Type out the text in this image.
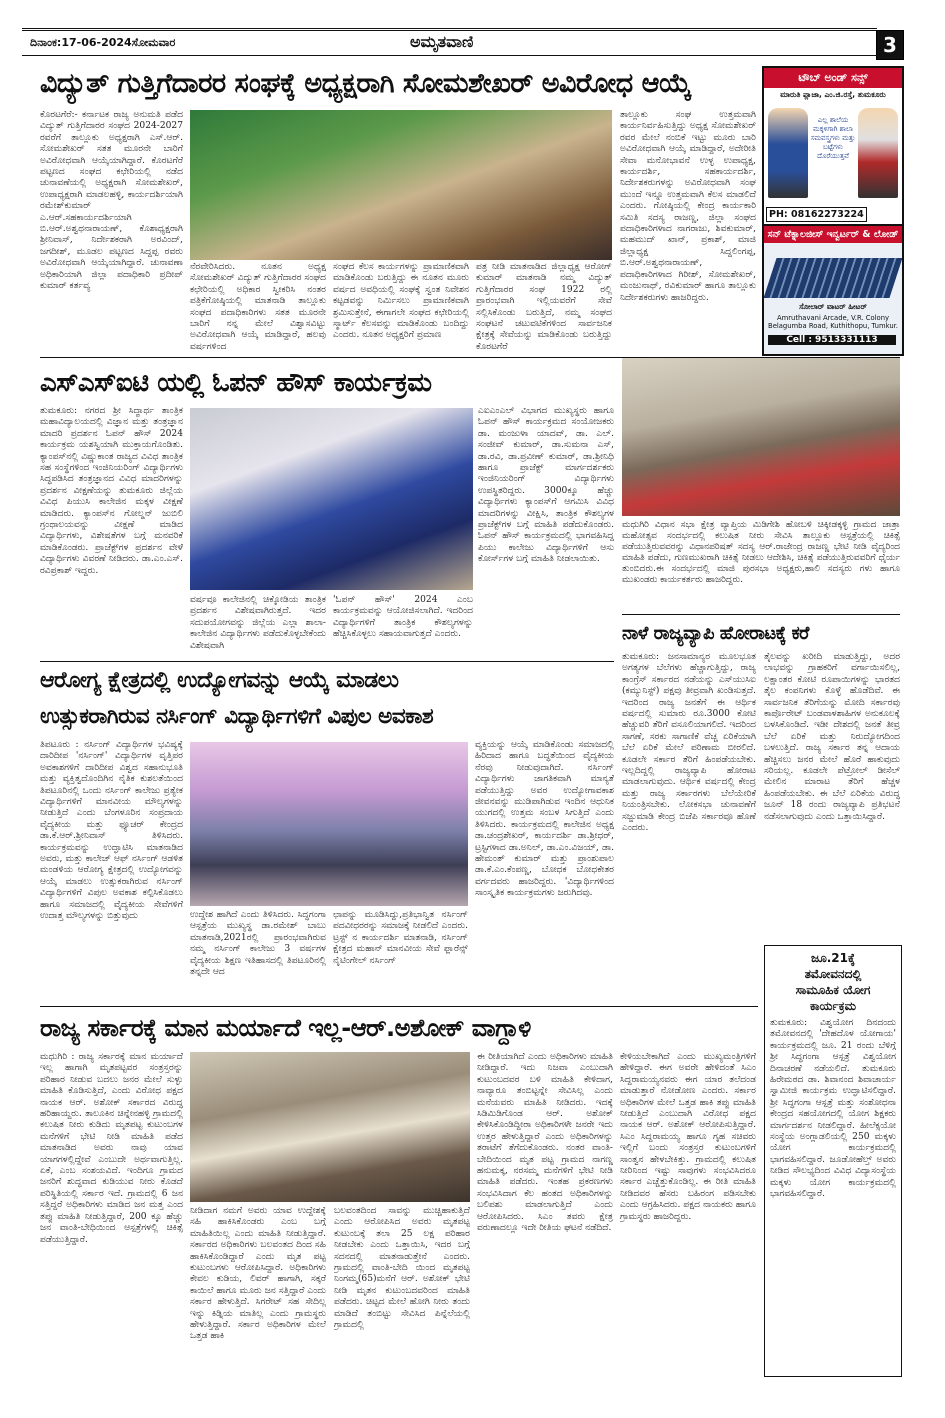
ದಿನಾಂಕ:17-06-2024ಸೋಮವಾರ	ಅಮೃತವಾಣಿ	3
ವಿದ್ಯುತ್ ಗುತ್ತಿಗೆದಾರರ ಸಂಘಕ್ಕೆ ಅಧ್ಯಕ್ಷರಾಗಿ ಸೋಮಶೇಖರ್ ಅವಿರೋಧ ಆಯ್ಕೆ
ಕೊರಟಗೆರೆ:- ಕರ್ನಾಟಕ ರಾಜ್ಯ ಅನುಮತಿ ಪಡೆದ ವಿದ್ಯುತ್ ಗುತ್ತಿಗೆದಾರರ ಸಂಘದ 2024-2027 ರವರೆಗೆ ತಾಲ್ಲೂಕು ಅಧ್ಯಕ್ಷರಾಗಿ ಎಸ್.ಆರ್. ಸೋಮಶೇಖರ್ ಸತತ ಮೂರನೇ ಬಾರಿಗೆ ಅವಿರೋಧವಾಗಿ ಆಯ್ಕೆಯಾಗಿದ್ದಾರೆ. ಕೊರಟಗೆರೆ ಪಟ್ಟಣದ ಸಂಘದ ಕಛೇರಿಯಲ್ಲಿ ನಡೆದ ಚುನಾವಣೆಯಲ್ಲಿ ಅಧ್ಯಕ್ಷರಾಗಿ ಸೋಮಶೇಖರ್, ಉಪಾಧ್ಯಕ್ಷರಾಗಿ ಮಾಡಲಹಳ್ಳಿ, ಕಾರ್ಯದರ್ಶಿಯಾಗಿ ರಮೇಶ್‌ಕುಮಾರ್ ಎ.ಆರ್.ಸಹಕಾರ್ಯದರ್ಶಿಯಾಗಿ ಬಿ.ಆರ್.ಅಶ್ವಥನಾರಾಯಣ್, ಕೊಶಾಧ್ಯಕ್ಷರಾಗಿ ಶ್ರೀನಿವಾಸ್, ನಿರ್ದೇಶಕರಾಗಿ ಅರವಿಂದ್, ಜಗದೀಶ್, ಮೂಡಲ ಪಟ್ಟಣದ ಸಿದ್ದಪ್ಪ ರವರು ಅವಿರೋಧವಾಗಿ ಆಯ್ಕೆಯಾಗಿದ್ದಾರೆ. ಚುನಾವಣಾ ಅಧಿಕಾರಿಯಾಗಿ ಜಿಲ್ಲಾ ಪದಾಧಿಕಾರಿ ಪ್ರದೀಪ್ ಕುಮಾರ್ ಕರ್ತವ್ಯ
ನೆರವೇರಿಸಿದರು. ನೂತನ ಅಧ್ಯಕ್ಷ ಸೋಮಶೇಖರ್ ವಿದ್ಯುತ್ ಗುತ್ತಿಗೆದಾರರ ಸಂಘದ ಕಛೇರಿಯಲ್ಲಿ ಅಧಿಕಾರ ಸ್ವೀಕರಿಸಿ ನಂತರ ಪತ್ರಿಕೆಗೋಷ್ಠಿಯಲ್ಲಿ ಮಾತನಾಡಿ ತಾಲ್ಲೂಕು ಸಂಘದ ಪದಾಧಿಕಾರಿಗಳು ಸತತ ಮೂರನೇ ಬಾರಿಗೆ ನನ್ನ ಮೇಲೆ ವಿಶ್ವಾಸವಿಟ್ಟು ಅವಿರೋಧವಾಗಿ ಆಯ್ಕೆ ಮಾಡಿದ್ದಾರೆ, ಹಲವು ವರ್ಷಗಳಿಂದ
ಸಂಘದ ಕೆಲಸ ಕಾರ್ಯಗಳನ್ನು ಪ್ರಾಮಾಣಿಕವಾಗಿ ಮಾಡಿಕೊಂಡು ಬರುತ್ತಿದ್ದು ಈ ನೂತನ ಮೂರು ವರ್ಷದ ಅವಧಿಯಲ್ಲಿ ಸಂಘಕ್ಕೆ ಸ್ವಂತ ನಿವೇಶನ ಕಟ್ಟಡವನ್ನು ನಿರ್ಮಿಸಲು ಪ್ರಾಮಾಣಿಕವಾಗಿ ಶ್ರಮಿಸುತ್ತೇನೆ, ಈಗಾಗಲೇ ಸಂಘದ ಕಛೇರಿಯಲ್ಲಿ ಸ್ಮಾರ್ಟ್ ಕೆಲಸವನ್ನು ಮಾಡಿಕೊಂಡು ಬಂದಿದ್ದು ಎಂದರು. ನೂತನ ಅಧ್ಯಕ್ಷರಿಗೆ ಪ್ರಮಾಣ
ಪತ್ರ ನೀಡಿ ಮಾತನಾಡಿದ ಜಿಲ್ಲಾಧ್ಯಕ್ಷ ಆರೋಗ್ ಕುಮಾರ್ ಮಾತನಾಡಿ ನಮ್ಮ ವಿದ್ಯುತ್ ಗುತ್ತಿಗೆದಾರರ ಸಂಘ 1922 ರಲ್ಲಿ ಪ್ರಾರಂಭವಾಗಿ ಇಲ್ಲಿಯವರೆಗೆ ಸೇವೆ ಸಲ್ಲಿಸಿಕೊಂಡು ಬರುತ್ತಿದೆ, ನಮ್ಮ ಸಂಘದ ಸಂಘಟನೆ ಚಟುವಟಿಕೆಗಳಿಂದ ಸಾರ್ವಜನಿಕ ಕ್ಷೇತ್ರಕ್ಕೆ ಸೇವೆಯನ್ನು ಮಾಡಿಕೊಂಡು ಬರುತ್ತಿದ್ದು ಕೊರಟಗೆರೆ
ತಾಲ್ಲೂಕು ಸಂಘ ಉತ್ತಮವಾಗಿ ಕಾರ್ಯನಿರ್ವಹಿಸುತ್ತಿದ್ದು ಅಧ್ಯಕ್ಷ ಸೋಮಶೇಖರ್ ರವರ ಮೇಲೆ ನಂಬಿಕೆ ಇಟ್ಟು ಮೂರು ಬಾರಿ ಅವಿರೋಧವಾಗಿ ಆಯ್ಕೆ ಮಾಡಿದ್ದಾರೆ, ಅದೇರೀತಿ ಸೇವಾ ಮನೋಭಾವನೆ ಉಳ್ಳ ಉಪಾಧ್ಯಕ್ಷ, ಕಾರ್ಯದರ್ಶಿ, ಸಹಕಾರ್ಯದರ್ಶಿ, ನಿರ್ದೇಶಕರುಗಳನ್ನು ಅವಿರೋಧವಾಗಿ ಸಂಘ ಮುಂದೆ ಇನ್ನೂ ಉತ್ತಮವಾಗಿ ಕೆಲಸ ಮಾಡಲಿದೆ ಎಂದರು. ಗೋಷ್ಠಿಯಲ್ಲಿ ಕೇಂದ್ರ ಕಾರ್ಯಕಾರಿ ಸಮಿತಿ ಸದಸ್ಯ ರಾಜಣ್ಣ, ಜಿಲ್ಲಾ ಸಂಘದ ಪದಾಧಿಕಾರಿಗಳಾದ ನಾಗರಾಜು, ಶಿವಕುಮಾರ್, ಮಹಮುದ್ ಖಾನ್, ಪ್ರಕಾಶ್, ಮಾಜಿ ಜಿಲ್ಲಾಧ್ಯಕ್ಷ ಸಿದ್ದಲಿಂಗಪ್ಪ, ಬಿ.ಆರ್.ಅಶ್ವಥನಾರಾಯಣ್, ಪದಾಧಿಕಾರಿಗಳಾದ ಗಿರೀಶ್, ಸೋಮಶೇಖರ್, ಮಂಜುನಾಥ್, ರವಿಕುಮಾರ್ ಹಾಗೂ ತಾಲ್ಲೂಕು ನಿರ್ದೇಶಕರುಗಳು ಹಾಜರಿದ್ದರು.
ಟೌಬ್ ಅಂಡ್ ಸನ್ಸ್
ಮಾರುತಿ ಪ್ಲಾಜಾ, ಎಂ.ಜಿ.ರಸ್ತೆ, ತುಮಕೂರು
ಎಲ್ಲ ಶಾಲೆಯ ಮಕ್ಕಳಿಗಾಗಿ ಶಾಲಾ ಸಮವಸ್ತ್ರಗಳು ಮತ್ತು ಬಟ್ಟೆಗಳು ದೊರೆಯುತ್ತವೆ
PH: 08162273224
ಸನ್ ಟೆಕ್ನಾಲಜೀಸ್ ಇನ್ವರ್ಟರ್ & ಲೋಡ್
ಸೋಲಾರ್ ವಾಟರ್ ಹೀಟರ್
Amruthavani Arcade, V.R. Colony Belagumba Road, Kuthithopu, Tumkur.
Cell : 9513331113
ಎಸ್‌ಎಸ್‌ಐಟಿ ಯಲ್ಲಿ ಓಪನ್ ಹೌಸ್ ಕಾರ್ಯಕ್ರಮ
ತುಮಕೂರು: ನಗರದ ಶ್ರೀ ಸಿದ್ಧಾರ್ಥ ತಾಂತ್ರಿಕ ಮಹಾವಿದ್ಯಾಲಯದಲ್ಲಿ ವಿಜ್ಞಾನ ಮತ್ತು ತಂತ್ರಜ್ಞಾನ ಮಾದರಿ ಪ್ರದರ್ಶನ ಓಪನ್ ಹೌಸ್ 2024 ಕಾರ್ಯಕ್ರಮ ಯಶಸ್ವಿಯಾಗಿ ಮುಕ್ತಾಯಗೊಂಡಿತು. ಕ್ಯಾಂಪಸ್‌ನಲ್ಲಿ ವಿಷ್ಣುಕಾಂತ ರಾಜ್ಯದ ವಿವಿಧ ತಾಂತ್ರಿಕ ಸಹ ಸಂಸ್ಥೆಗಳಿಂದ ಇಂಜಿನಿಯರಿಂಗ್ ವಿದ್ಯಾರ್ಥಿಗಳು ಸಿದ್ಧಪಡಿಸಿದ ತಂತ್ರಜ್ಞಾನದ ವಿವಿಧ ಮಾದರಿಗಳನ್ನು ಪ್ರದರ್ಶನ ವೀಕ್ಷಣೆಯನ್ನು ತುಮಕೂರು ಜಿಲ್ಲೆಯ ವಿವಿಧ ಪಿಯುಸಿ ಕಾಲೇಜಿನ ಮಕ್ಕಳ ವೀಕ್ಷಣೆ ಮಾಡಿದರು. ಕ್ಯಾಂಪಸ್‌ನ ಗೋಲ್ಡನ್ ಜುಬಿಲಿ ಗ್ರಂಥಾಲಯವನ್ನು ವೀಕ್ಷಣೆ ಮಾಡಿದ ವಿದ್ಯಾರ್ಥಿಗಳು, ವಿಶೇಷತೆಗಳ ಬಗ್ಗೆ ಮನವರಿಕೆ ಮಾಡಿಕೊಂಡರು. ಪ್ರಾಜೆಕ್ಟ್‌ಗಳ ಪ್ರದರ್ಶನ ವೇಳೆ ವಿದ್ಯಾರ್ಥಿಗಳು ವಿವರಣೆ ನೀಡಿದರು. ಡಾ.ಎಂ.ಎಸ್. ರವಿಪ್ರಕಾಶ್ ಇದ್ದರು.
ವರ್ಷವೂ ಕಾಲೇಜಿನಲ್ಲಿ ಚಿಕ್ಕೋಡಿಯ ತಾಂತ್ರಿಕ ಪ್ರದರ್ಶನ ವಿಶೇಷವಾಗಿರುತ್ತದೆ. ಇದರ ಸದುಪಯೋಗವನ್ನು ಜಿಲ್ಲೆಯ ಎಲ್ಲಾ ಶಾಲಾ-ಕಾಲೇಜಿನ ವಿದ್ಯಾರ್ಥಿಗಳು ಪಡೆದುಕೊಳ್ಳಬೇಕೆಂದು ವಿಶೇಷವಾಗಿ
'ಓಪನ್ ಹೌಸ್' 2024 ಎಂಬ ಕಾರ್ಯಕ್ರಮವನ್ನು ಆಯೋಜಿಸಲಾಗಿದೆ. ಇದರಿಂದ ವಿದ್ಯಾರ್ಥಿಗಳಿಗೆ ತಾಂತ್ರಿಕ ಕೌಶಲ್ಯಗಳನ್ನು ಹೆಚ್ಚಿಸಿಕೊಳ್ಳಲು ಸಹಾಯವಾಗುತ್ತದೆ ಎಂದರು.
ಎಐಎಂಎಲ್ ವಿಭಾಗದ ಮುಖ್ಯಸ್ಥರು ಹಾಗೂ ಓಪನ್ ಹೌಸ್ ಕಾರ್ಯಕ್ರಮದ ಸಂಯೋಜಕರು ಡಾ. ಮಂಜುಳಾ ಯಾದವ್, ಡಾ. ಎಲ್. ಸಂಜೀವ್ ಕುಮಾರ್, ಡಾ.ಸುಮನಾ ಎಸ್, ಡಾ.ರವಿ, ಡಾ.ಪ್ರವೀಣ್ ಕುಮಾರ್, ಡಾ.ಶ್ರೀನಿಧಿ ಹಾಗೂ ಪ್ರಾಜೆಕ್ಟ್ ಮಾರ್ಗದರ್ಶಕರು ಇಂಜಿನಿಯರಿಂಗ್ ವಿದ್ಯಾರ್ಥಿಗಳು ಉಪಸ್ಥಿತರಿದ್ದರು. 3000ಕ್ಕೂ ಹೆಚ್ಚು ವಿದ್ಯಾರ್ಥಿಗಳು ಕ್ಯಾಂಪಸ್‌ಗೆ ಆಗಮಿಸಿ ವಿವಿಧ ಮಾದರಿಗಳನ್ನು ವೀಕ್ಷಿಸಿ, ತಾಂತ್ರಿಕ ಕೌಶಲ್ಯಗಳ ಪ್ರಾಜೆಕ್ಟ್‌ಗಳ ಬಗ್ಗೆ ಮಾಹಿತಿ ಪಡೆದುಕೊಂಡರು. ಓಪನ್ ಹೌಸ್ ಕಾರ್ಯಕ್ರಮದಲ್ಲಿ ಭಾಗವಹಿಸಿದ್ದ ಪಿಯು ಕಾಲೇಜು ವಿದ್ಯಾರ್ಥಿಗಳಿಗೆ ಆಸು ಕೋರ್ಸ್‌ಗಳ ಬಗ್ಗೆ ಮಾಹಿತಿ ನೀಡಲಾಯಿತು.
ಮಧುಗಿರಿ ವಿಧಾನ ಸಭಾ ಕ್ಷೇತ್ರ ವ್ಯಾಪ್ತಿಯ ಮಿಡಿಗೇಶಿ ಹೋಬಳಿ ಚಿಕ್ಕೀಡಕ್ಕಳ್ಳಿ ಗ್ರಾಮದ ಜಾತ್ರಾ ಮಹೋತ್ಸವ ಸಂದರ್ಭದಲ್ಲಿ ಕಲುಷಿತ ನೀರು ಸೇವಿಸಿ ತಾಲ್ಲೂಕು ಆಸ್ಪತ್ರೆಯಲ್ಲಿ ಚಿಕಿತ್ಸೆ ಪಡೆಯುತ್ತಿರುವವರನ್ನು ವಿಧಾನಪರಿಷತ್ ಸದಸ್ಯ ಆರ್.ರಾಜೇಂದ್ರ ರಾಜಣ್ಣ ಭೇಟಿ ನೀಡಿ ವೈದ್ಯರಿಂದ ಮಾಹಿತಿ ಪಡೆದು, ಗುಣಮುಖರಾಗಿ ಚಿಕಿತ್ಸೆ ನೀಡಲು ಆದೇಶಿಸಿ, ಚಿಕಿತ್ಸೆ ಪಡೆಯುತ್ತಿರುವವರಿಗೆ ಧೈರ್ಯ ತುಂಬಿದರು.ಈ ಸಂದರ್ಭದಲ್ಲಿ ಮಾಜಿ ಪುರಸಭಾ ಅಧ್ಯಕ್ಷರು,ಹಾಲಿ ಸದಸ್ಯರು ಗಳು ಹಾಗೂ ಮುಖಂಡರು ಕಾರ್ಯಕರ್ತರು ಹಾಜರಿದ್ದರು.
ನಾಳೆ ರಾಜ್ಯವ್ಯಾಪಿ ಹೋರಾಟಕ್ಕೆ ಕರೆ
ತುಮಕೂರು: ಜನಸಾಮಾನ್ಯರ ಮೂಲಭೂತ ಅಗತ್ಯಗಳ ಬೆಲೆಗಳು ಹೆಚ್ಚಾಗುತ್ತಿದ್ದು, ರಾಜ್ಯ ಕಾಂಗ್ರೆಸ್ ಸರ್ಕಾರದ ನಡೆಯನ್ನು ಎಸ್‌ಯುಸಿಐ (ಕಮ್ಯುನಿಸ್ಟ್) ಪಕ್ಷವು ತೀವ್ರವಾಗಿ ಖಂಡಿಸುತ್ತದೆ. ಇದರಿಂದ ರಾಜ್ಯ ಜನತೆಗೆ ಈ ಆರ್ಥಿಕ ವರ್ಷದಲ್ಲಿ ಸುಮಾರು ರೂ.3000 ಕೋಟಿ ಹೆಚ್ಚುವರಿ ತೆರಿಗೆ ವಸೂಲಿಯಾಗಲಿದೆ. ಇದರಿಂದ ಸಾಗಣೆ, ಸರಕು ಸಾಗಾಣಿಕೆ ವೆಚ್ಚ ಏರಿಕೆಯಾಗಿ ಬೆಲೆ ಏರಿಕೆ ಮೇಲೆ ಪರಿಣಾಮ ಬೀರಲಿದೆ. ಕೂಡಲೇ ಸರ್ಕಾರ ತೆರಿಗೆ ಹಿಂಪಡೆಯಬೇಕು. ಇಲ್ಲದಿದ್ದಲ್ಲಿ ರಾಜ್ಯವ್ಯಾಪಿ ಹೋರಾಟ ಮಾಡಲಾಗುವುದು. ಆರ್ಥಿಕ ವರ್ಷದಲ್ಲಿ ಕೇಂದ್ರ ಮತ್ತು ರಾಜ್ಯ ಸರ್ಕಾರಗಳು ಬೆಲೆಯೇರಿಕೆ ನಿಯಂತ್ರಿಸಬೇಕು. ಲೋಕಸಭಾ ಚುನಾವಣೆಗೆ ಸಜ್ಜುಮಾಡಿ ಕೇಂದ್ರ ಬಿಜೆಪಿ ಸರ್ಕಾರವೂ ಹೊಣೆ ಎಂದರು.
ತೈಲವನ್ನು ಖರೀದಿ ಮಾಡುತ್ತಿದ್ದು, ಅದರ ಲಾಭವನ್ನು ಗ್ರಾಹಕರಿಗೆ ವರ್ಗಾಯಿಸಲಿಲ್ಲ, ಲಕ್ಷಾಂತರ ಕೋಟಿ ರೂಪಾಯಿಗಳನ್ನು ಭಾರತದ ತೈಲ ಕಂಪನಿಗಳು ಕೊಳ್ಳೆ ಹೊಡೆದಿವೆ. ಈ ಸಾರ್ವಜನಿಕ ತೆರಿಗೆಯನ್ನು ಮೋದಿ ಸರ್ಕಾರವು ಕಾರ್ಪೊರೇಟ್ ಬಂಡವಾಳಶಾಹಿಗಳ ಅನುಕೂಲಕ್ಕೆ ಬಳಸಿಕೊಂಡಿದೆ. ಇಡೀ ದೇಶದಲ್ಲಿ ಜನತೆ ತೀವ್ರ ಬೆಲೆ ಏರಿಕೆ ಮತ್ತು ನಿರುದ್ಯೋಗದಿಂದ ಬಳಲುತ್ತಿದೆ. ರಾಜ್ಯ ಸರ್ಕಾರ ತನ್ನ ಆದಾಯ ಹೆಚ್ಚಿಸಲು ಜನರ ಮೇಲೆ ಹೊರೆ ಹಾಕುವುದು ಸರಿಯಲ್ಲ. ಕೂಡಲೇ ಪೆಟ್ರೋಲ್ ಡೀಸೆಲ್ ಮೇಲಿನ ಮಾರಾಟ ತೆರಿಗೆ ಹೆಚ್ಚಳ ಹಿಂಪಡೆಯಬೇಕು. ಈ ಬೆಲೆ ಏರಿಕೆಯ ವಿರುದ್ಧ ಜೂನ್ 18 ರಂದು ರಾಜ್ಯವ್ಯಾಪಿ ಪ್ರತಿಭಟನೆ ನಡೆಸಲಾಗುವುದು ಎಂದು ಒತ್ತಾಯಿಸಿದ್ದಾರೆ.
ಆರೋಗ್ಯ ಕ್ಷೇತ್ರದಲ್ಲಿ ಉದ್ಯೋಗವನ್ನು ಆಯ್ಕೆ ಮಾಡಲು
ಉತ್ಸುಕರಾಗಿರುವ ನರ್ಸಿಂಗ್ ವಿದ್ಯಾರ್ಥಿಗಳಿಗೆ ವಿಪುಲ ಅವಕಾಶ
ತಿಪಟೂರು : ನರ್ಸಿಂಗ್ ವಿದ್ಯಾರ್ಥಿಗಳ ಭವಿಷ್ಯಕ್ಕೆ ದಾರಿದೀಪ 'ನರ್ಸಿಂಗ್' ವಿದ್ಯಾರ್ಥಿಗಳ ವೃತ್ತಿಪರ ಅವಕಾಶಗಳಿಗೆ ದಾರಿದೀಪ ವಿಶ್ವದ ಸಹಾನುಭೂತಿ ಮತ್ತು ವ್ಯಕ್ತಿತ್ವದೊಂದಿಗಿನ ನೈತಿಕ ಕುಶಲತೆಯಿಂದ ತಿಪಟೂರಿನಲ್ಲಿ ಒಂದು ನರ್ಸಿಂಗ್ ಕಾಲೇಜು ಪ್ರತ್ಯೇಕ ವಿದ್ಯಾರ್ಥಿಗಳಿಗೆ ಮಾನವೀಯ ಮೌಲ್ಯಗಳನ್ನು ನೀಡುತ್ತಿದೆ ಎಂದು ಬೆಂಗಳೂರಿನ ಸಂಪ್ರದಾಯ ವೈದ್ಯಕೀಯ ಮತ್ತು ಫ್ಯೂಚರ್ ಕೇಂದ್ರದ ಡಾ.ಕೆ.ಆರ್.ಶ್ರೀನಿವಾಸ್ ತಿಳಿಸಿದರು. ಕಾರ್ಯಕ್ರಮವನ್ನು ಉದ್ಘಾಟಿಸಿ ಮಾತನಾಡಿದ ಅವರು, ಮತ್ತು ಕಾಲೇಜ್ ಆಫ್ ನರ್ಸಿಂಗ್ ಆಡಳಿತ ಮಂಡಳಿಯ ಆರೋಗ್ಯ ಕ್ಷೇತ್ರದಲ್ಲಿ ಉದ್ಯೋಗವನ್ನು ಆಯ್ಕೆ ಮಾಡಲು ಉತ್ಸುಕರಾಗಿರುವ ನರ್ಸಿಂಗ್ ವಿದ್ಯಾರ್ಥಿಗಳಿಗೆ ವಿಪುಲ ಅವಕಾಶ ಕಲ್ಪಿಸಿಕೊಡಲು ಹಾಗೂ ಸಮಾಜದಲ್ಲಿ ವೈದ್ಯಕೀಯ ಸೇವೆಗಳಿಗೆ ಉದಾತ್ತ ಮೌಲ್ಯಗಳನ್ನು ಬಿತ್ತುವುದು	ಉದ್ದೇಶ ಹಾಗಿದೆ ಎಂದು ತಿಳಿಸಿದರು. ಸಿದ್ಧಗಂಗಾ ಆಸ್ಪತ್ರೆಯ ಮುಖ್ಯಸ್ಥ ಡಾ.ರಮೇಶ್ ಬಾಬು ಮಾತನಾಡಿ,2021ರಲ್ಲಿ ಪ್ರಾರಂಭವಾಗಿರುವ ನಮ್ಮ ನರ್ಸಿಂಗ್ ಕಾಲೇಜು 3 ವರ್ಷಗಳ ವೈದ್ಯಕೀಯ ಶಿಕ್ಷಣ ಇತಿಹಾಸದಲ್ಲಿ ತಿಪಟೂರಿನಲ್ಲಿ ತನ್ನದೇ ಆದ
ಛಾಪನ್ನು ಮೂಡಿಸಿದ್ದು,ಪ್ರತಿಭಾನ್ವಿತ ನರ್ಸಿಂಗ್ ಪದವೀಧರರನ್ನು ಸಮಾಜಕ್ಕೆ ನೀಡಲಿದೆ ಎಂದರು. ಟ್ರಸ್ಟ್ ನ ಕಾರ್ಯದರ್ಶಿ ಮಾತನಾಡಿ, ನರ್ಸಿಂಗ್ ಕ್ಷೇತ್ರದ ಮಹಾನ್ ಮಾನವೀಯ ಸೇವೆ ಫ್ಲಾರೆನ್ಸ್ ನೈಟಿಂಗೇಲ್ ನರ್ಸಿಂಗ್
ವ್ಯಕ್ತಿಯನ್ನು ಆಯ್ಕೆ ಮಾಡಿಕೊಂಡು ಸಮಾಜದಲ್ಲಿ ಹಿರಿದಾದ ಹಾಗೂ ಬದ್ಧತೆಯಿಂದ ವೈದ್ಯಕೀಯ ನೆರವು ನೀಡುವುದಾಗಿದೆ. ನರ್ಸಿಂಗ್ ವಿದ್ಯಾರ್ಥಿಗಳು ಜಾಗತಿಕವಾಗಿ ಮಾನ್ಯತೆ ಪಡೆಯುತ್ತಿದ್ದು ಅವರ ಉದ್ಯೋಗಾವಕಾಶ ಜೀವನವನ್ನು ಮುಡಿಪಾಗಿಡುವ ಇಂದಿನ ಆಧುನಿಕ ಯುಗದಲ್ಲಿ ಉತ್ತಮ ಸಂಬಳ ಸಿಗುತ್ತಿದೆ ಎಂದು ತಿಳಿಸಿದರು. ಕಾರ್ಯಕ್ರಮದಲ್ಲಿ ಕಾಲೇಜಿನ ಅಧ್ಯಕ್ಷ ಡಾ.ಚಂದ್ರಶೇಖರ್, ಕಾರ್ಯದರ್ಶಿ ಡಾ.ಶ್ರೀಧರ್, ಟ್ರಸ್ಟಿಗಳಾದ ಡಾ.ಅನಿಲ್, ಡಾ.ಎಂ.ವಿಜಯ್, ಡಾ. ಹೇಮಂತ್ ಕುಮಾರ್ ಮತ್ತು ಪ್ರಾಂಶುಪಾಲ ಡಾ.ಕೆ.ಎಂ.ಕೆಂಪಣ್ಣ, ಬೋಧಕ ಬೋಧಕೇತರ ವರ್ಗದವರು ಹಾಜರಿದ್ದರು. 'ವಿದ್ಯಾರ್ಥಿಗಳಿಂದ ಸಾಂಸ್ಕೃತಿಕ ಕಾರ್ಯಕ್ರಮಗಳು ಜರುಗಿದವು.
ಜೂ.21ಕ್ಕೆ
ತಮೋವನದಲ್ಲಿ
ಸಾಮೂಹಿಕ ಯೋಗ
ಕಾರ್ಯಕ್ರಮ
ತುಮಕೂರು: ವಿಶ್ವಯೋಗ ದಿನದಂದು ತಮೋವನದಲ್ಲಿ 'ದೇಹದೊಳ ಯೋಗಾಯ' ಕಾರ್ಯಕ್ರಮದಲ್ಲಿ ಜೂ. 21 ರಂದು ಬೆಳಿಗ್ಗೆ ಶ್ರೀ ಸಿದ್ಧಗಂಗಾ ಆಸ್ಪತ್ರೆ ವಿಶ್ವಯೋಗ ದಿನಾಚರಣೆ ನಡೆಯಲಿದೆ. ತುಮಕೂರು ಹಿರೇಮಠದ ಡಾ. ಶಿವಾನಂದ ಶಿವಾಚಾರ್ಯ ಸ್ವಾಮೀಜಿ ಕಾರ್ಯಕ್ರಮ ಉದ್ಘಾಟಿಸಲಿದ್ದಾರೆ. ಶ್ರೀ ಸಿದ್ಧಗಂಗಾ ಆಸ್ಪತ್ರೆ ಮತ್ತು ಸಂಶೋಧನಾ ಕೇಂದ್ರದ ಸಹಯೋಗದಲ್ಲಿ ಯೋಗ ಶಿಕ್ಷಕರು ಮಾರ್ಗದರ್ಶನ ನೀಡಲಿದ್ದಾರೆ. ಹೀಲೆಕ್ಸಯೋ ಸಂಸ್ಥೆಯ ಅಂಗ್ಲಾಡಲಿಯಲ್ಲಿ 250 ಮಕ್ಕಳು ಯೋಗ ಕಾರ್ಯಕ್ರಮದಲ್ಲಿ ಭಾಗವಹಿಸಲಿದ್ದಾರೆ. ಜೂಡೋಹೆಲ್ತ್ ಅವರು ನೀಡಿದ ಸೌಲಭ್ಯದಿಂದ ವಿವಿಧ ವಿದ್ಯಾಸಂಸ್ಥೆಯ ಮಕ್ಕಳು ಯೋಗ ಕಾರ್ಯಕ್ರಮದಲ್ಲಿ ಭಾಗವಹಿಸಲಿದ್ದಾರೆ.
ರಾಜ್ಯ ಸರ್ಕಾರಕ್ಕೆ ಮಾನ ಮರ್ಯಾದೆ ಇಲ್ಲ-ಆರ್.ಅಶೋಕ್ ವಾಗ್ದಾಳಿ
ಮಧುಗಿರಿ : ರಾಜ್ಯ ಸರ್ಕಾರಕ್ಕೆ ಮಾನ ಮರ್ಯಾದೆ ಇಲ್ಲ ಹಾಗಾಗಿ ಮೃತಪಟ್ಟವರ ಸಂತ್ರಸ್ತರನ್ನು ಪರಿಹಾರ ನೀಡುವ ಬದಲು ಜನರ ಮೇಲೆ ಸುಳ್ಳು ಮಾಹಿತಿ ಕೊಡಿಸುತ್ತಿದೆ, ಎಂದು ವಿರೋಧ ಪಕ್ಷದ ನಾಯಕ ಆರ್. ಅಶೋಕ್ ಸರ್ಕಾರದ ವಿರುದ್ಧ ಹರಿಹಾಯ್ದರು. ತಾಲೂಕಿನ ಚಿನ್ನೇನಹಳ್ಳಿ ಗ್ರಾಮದಲ್ಲಿ ಕಲುಷಿತ ನೀರು ಕುಡಿದು ಮೃತಪಟ್ಟ ಕುಟುಂಬಗಳ ಮನೆಗಳಿಗೆ ಭೇಟಿ ನೀಡಿ ಮಾಹಿತಿ ಪಡೆದ ಮಾತನಾಡಿದ ಅವರು ನಾವು ಯಾವ ಯಾಗಗಳಲ್ಲಿದ್ದೇವೆ ಎಂಬುದೇ ಅರ್ಥವಾಗುತ್ತಿಲ್ಲ. ಏಕೆ, ಎಂಬ ಸಂಶಯವಿದೆ. ಇಂದಿಗೂ ಗ್ರಾಮದ ಜನರಿಗೆ ಶುದ್ಧವಾದ ಕುಡಿಯುವ ನೀರು ಕೊಡದೆ ಪರಿಸ್ಥಿತಿಯಲ್ಲಿ ಸರ್ಕಾರ ಇದೆ. ಗ್ರಾಮದಲ್ಲಿ 6 ಜನ ಸತ್ತಿದ್ದರೆ ಅಧಿಕಾರಿಗಳು ಮಾಡಿದ ಜನ ಮತ್ತ ಎಂದ ತಪ್ಪು ಮಾಹಿತಿ ನೀಡುತ್ತಿದ್ದಾರೆ, 200 ಕ್ಕೂ ಹೆಚ್ಚು ಜನ ವಾಂತಿ-ಬೇಧಿಯಿಂದ ಆಸ್ಪತ್ರೆಗಳಲ್ಲಿ ಚಿಕಿತ್ಸೆ ಪಡೆಯುತ್ತಿದ್ದಾರೆ.
ನೀಡಿದಾಗ ನಮಗೆ ಅವರು ಯಾವ ಉದ್ದೇಶಕ್ಕೆ ಸಹಿ ಹಾಕಿಸಿಕೊಂಡರು ಎಂಬ ಬಗ್ಗೆ ಮಾಹಿತಿಯಿಲ್ಲ ಎಂದು ಮಾಹಿತಿ ನೀಡುತ್ತಿದ್ದಾರೆ. ಸರ್ಕಾರದ ಅಧಿಕಾರಿಗಳು ಬಲವಂತದ ದಿಂದ ಸಹಿ ಹಾಕಿಸಿಕೊಂಡಿದ್ದಾರೆ ಎಂದು ಮೃತ ಪಟ್ಟ ಕುಟುಂಬಗಳು ಆರೋಪಿಸಿದ್ದಾರೆ. ಅಧಿಕಾರಿಗಳು ಕೇವಲ ಕುಡಿಯ, ಲಿವರ್ ಹಾಗಾಗಿ, ಸಕ್ಕರೆ ಕಾಯಿಲೆ ಹಾಗೂ ಮೂರು ಜನ ಸತ್ತಿದ್ದಾರೆ ಎಂದು ಸರ್ಕಾರ ಹೇಳುತ್ತಿದೆ. ಸಿಗರೇಟ್ ಸಹ ಸೇದಿಲ್ಲ ಇನ್ನು ಕಿಡ್ನಿಯ ಮಾತಿಲ್ಲ ಎಂದು ಗ್ರಾಮಸ್ಥರು ಹೇಳುತ್ತಿದ್ದಾರೆ. ಸರ್ಕಾರ ಅಧಿಕಾರಿಗಳ ಮೇಲೆ ಒತ್ತಡ ಹಾಕಿ
ಬಲವಂತದಿಂದ ಸಾವನ್ನು ಮುಚ್ಚಿಹಾಕುತ್ತಿದೆ ಎಂದು ಆರೋಪಿಸಿದ ಅವರು ಮೃತಪಟ್ಟ ಕುಟುಂಬಕ್ಕೆ ತಲಾ 25 ಲಕ್ಷ ಪರಿಹಾರ ನೀಡಬೇಕು ಎಂದು ಒತ್ತಾಯಿಸಿ, ಇದರ ಬಗ್ಗೆ ಸದನದಲ್ಲಿ ಮಾತನಾಡುತ್ತೇನೆ ಎಂದರು. ಗ್ರಾಮದಲ್ಲಿ ವಾಂತಿ-ಬೇದಿ ಯಿಂದ ಮೃತಪಟ್ಟ ನಿಂಗಮ್ಮ(65)ಮನೆಗೆ ಆರ್. ಅಶೋಕ್ ಭೇಟಿ ನೀಡಿ ಮೃತನ ಕುಟುಂಬದವರಿಂದ ಮಾಹಿತಿ ಪಡೆದರು. ಚಿಟ್ಟದ ಮೇಲೆ ಹೋಗಿ ನೀರು ತಂದು ಮಾಡಿದೆ ತಂಬಿಟ್ಟು ಸೇವಿಸಿದ ಪಿನ್ನೆಲೆಯಲ್ಲಿ ಗ್ರಾಮದಲ್ಲಿ
ಈ ರೀತಿಯಾಗಿದೆ ಎಂದು ಅಧಿಕಾರಿಗಳು ಮಾಹಿತಿ ನೀಡಿದ್ದಾರೆ. ಇದು ನಿಜವಾ ಎಂಬುದಾಗಿ ಕುಟುಂಬದವರ ಬಳಿ ಮಾಹಿತಿ ಕೇಳಿದಾಗ, ನಾವ್ಯಾರೂ ತಂಬಿಟ್ಟನ್ನೇ ಸೇವಿಸಿಲ್ಲ ಎಂದು ಮನೆಯವರು ಮಾಹಿತಿ ನೀಡಿದರು. ಇದಕ್ಕೆ ಸಿಡಿಮಿಡಿಗೊಂಡ ಆರ್. ಅಶೋಕ್ ಕೇಳಿಸಿಕೊಂಡಿದ್ದೀರಾ ಅಧಿಕಾರಿಗಳೇ ಜನರೇ ಇದು ಉತ್ತರ ಹೇಳುತ್ತಿದ್ದಾರೆ ಎಂದು ಅಧಿಕಾರಿಗಳನ್ನು ತರಾಟೆಗೆ ತೆಗೆದುಕೊಂಡರು. ನಂತರ ವಾಂತಿ-ಬೇದಿಯಿಂದ ಮೃತ ಪಟ್ಟ ಗ್ರಾಮದ ನಾಗಣ್ಣ ಹನುಮಕ್ಕ, ನರಸಮ್ಮ ಮನೆಗಳಿಗೆ ಭೇಟಿ ನೀಡಿ ಮಾಹಿತಿ ಪಡೆದರು. ಇಂತಹ ಪ್ರಕರಣಗಳು ಸಂಭವಿಸಿದಾಗ ಕೆಲ ಹಂತದ ಅಧಿಕಾರಿಗಳನ್ನು ಬಲಿಪಶು ಮಾಡಲಾಗುತ್ತಿದೆ ಎಂದು ಆರೋಪಿಸಿದರು. ಸಿಎಂ ತವರು ಕ್ಷೇತ್ರ ವರುಣಾದಲ್ಲೂ ಇದೇ ರೀತಿಯ ಘಟನೆ ನಡೆದಿದೆ.
ಕೇಳಿಯಬೇಕಾಗಿದೆ ಎಂದು ಮುಖ್ಯಮಂತ್ರಿಗಳಿಗೆ ಹೇಳಿದ್ದಾರೆ. ಈಗ ಅವರೇ ಹೇಳಿದಂತೆ ಸಿಎಂ ಸಿದ್ದರಾಮಯ್ಯನವರು ಈಗ ಯಾರ ತಲೆದಂಡ ಮಾಡುತ್ತಾರೆ ನೋಡೋಣ ಎಂದರು. ಸರ್ಕಾರ ಅಧಿಕಾರಿಗಳ ಮೇಲೆ ಒತ್ತಡ ಹಾಕಿ ತಪ್ಪು ಮಾಹಿತಿ ನೀಡುತ್ತಿದೆ ಎಂಬುದಾಗಿ ವಿರೋಧ ಪಕ್ಷದ ನಾಯಕ ಆರ್. ಅಶೋಕ್ ಆರೋಪಿಸುತ್ತಿದ್ದಾರೆ. ಸಿಎಂ ಸಿದ್ದರಾಮಯ್ಯ ಹಾಗೂ ಗೃಹ ಸಚಿವರು ಇಲ್ಲಿಗೆ ಬಂದು ಸಂತ್ರಸ್ತರ ಕುಟುಂಬಗಳಿಗೆ ಸಾಂತ್ವನ ಹೇಳಬೇಕಿತ್ತು. ಗ್ರಾಮದಲ್ಲಿ ಕಲುಷಿತ ನೀರಿನಿಂದ ಇಷ್ಟು ಸಾವುಗಳು ಸಂಭವಿಸಿದರೂ ಸರ್ಕಾರ ಎಚ್ಚೆತ್ತುಕೊಂಡಿಲ್ಲ. ಈ ರೀತಿ ಮಾಹಿತಿ ನೀಡಿದವರ ಹೆಸರು ಬಹಿರಂಗ ಪಡಿಸಬೇಕು ಎಂದು ಆಗ್ರಹಿಸಿದರು. ಪಕ್ಷದ ನಾಯಕರು ಹಾಗೂ ಗ್ರಾಮಸ್ಥರು ಹಾಜರಿದ್ದರು.
